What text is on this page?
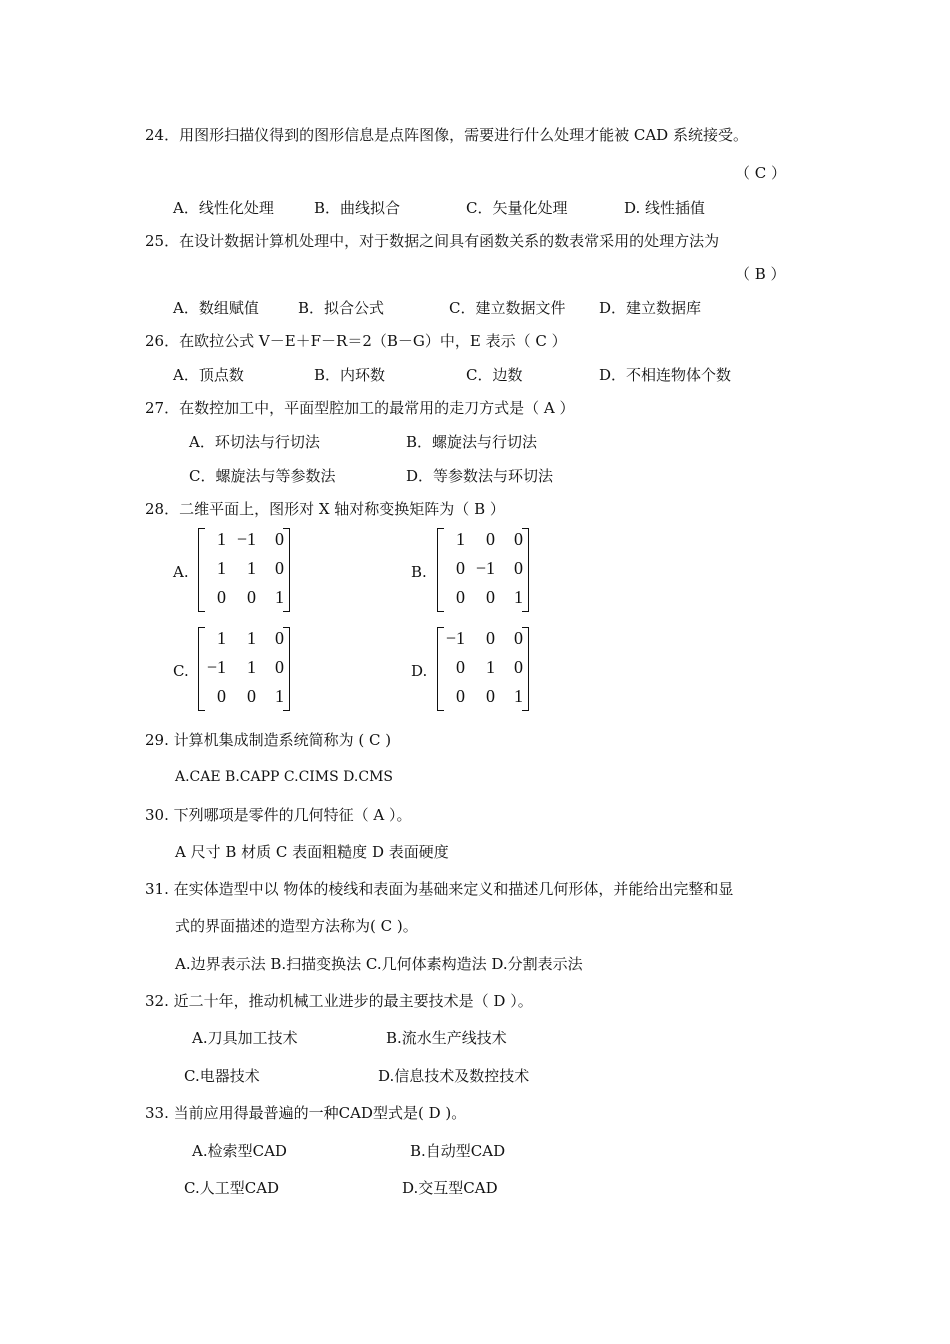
24．用图形扫描仪得到的图形信息是点阵图像，需要进行什么处理才能被 CAD 系统接受。
（ C ）
A．线性化处理	B．曲线拟合	C．矢量化处理	D. 线性插值
25．在设计数据计算机处理中，对于数据之间具有函数关系的数表常采用的处理方法为
（ B ）
A．数组赋值	B．拟合公式	C．建立数据文件 D．建立数据库
26．在欧拉公式 V－E＋F－R＝2（B－G）中，E 表示（ C ）
A．顶点数	B．内环数	C．边数	D．不相连物体个数
27．在数控加工中，平面型腔加工的最常用的走刀方式是（ A ）
A．环切法与行切法	B．螺旋法与行切法
C．螺旋法与等参数法	D．等参数法与环切法
28．二维平面上，图形对 X 轴对称变换矩阵为（ B ）
A.
1 −1	0
1	1	0
0	0	1
B.
1	0	0
0 −1	0
0	0	1
C.
1	1	0
−1	1	0
0	0	1
D.
−1	0	0
0	1	0
0	0	1
29. 计算机集成制造系统简称为 ( C )
A.CAE B.CAPP C.CIMS D.CMS
30. 下列哪项是零件的几何特征（ A ）。
A 尺寸 B 材质 C 表面粗糙度 D 表面硬度
31. 在实体造型中以 物体的棱线和表面为基础来定义和描述几何形体，并能给出完整和显
式的界面描述的造型方法称为( C )。
A.边界表示法 B.扫描变换法 C.几何体素构造法 D.分割表示法
32. 近二十年，推动机械工业进步的最主要技术是（ D ）。
A.刀具加工技术	B.流水生产线技术
C.电器技术	D.信息技术及数控技术
33. 当前应用得最普遍的一种CAD型式是( D )。
A.检索型CAD	B.自动型CAD
C.人工型CAD	D.交互型CAD
